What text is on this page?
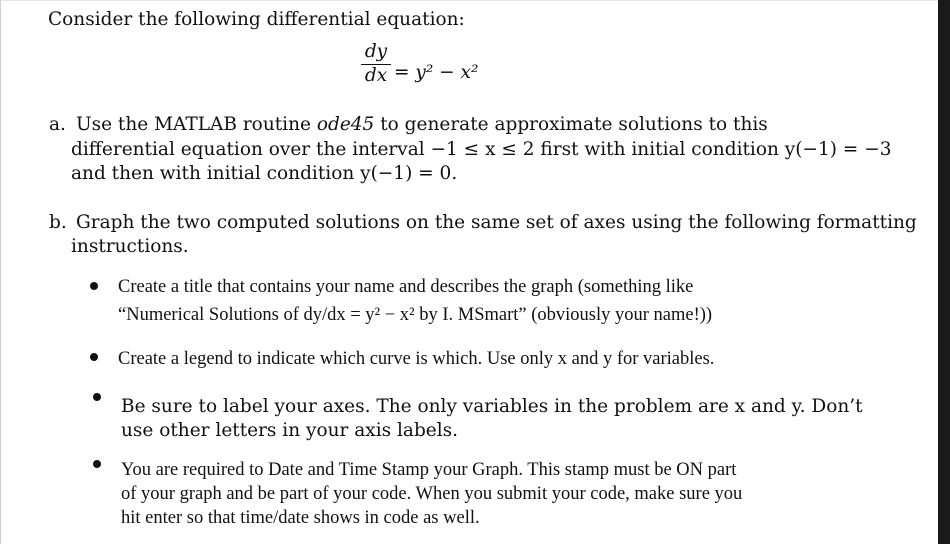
Consider the following differential equation:
dy
dx = y² − x²
a. Use the MATLAB routine ode45 to generate approximate solutions to this
differential equation over the interval −1 ≤ x ≤ 2 first with initial condition y(−1) = −3
and then with initial condition y(−1) = 0.
b. Graph the two computed solutions on the same set of axes using the following formatting
instructions.
Create a title that contains your name and describes the graph (something like
“Numerical Solutions of dy/dx = y² − x² by I. MSmart” (obviously your name!))
Create a legend to indicate which curve is which. Use only x and y for variables.
Be sure to label your axes. The only variables in the problem are x and y. Don’t
use other letters in your axis labels.
You are required to Date and Time Stamp your Graph. This stamp must be ON part
of your graph and be part of your code. When you submit your code, make sure you
hit enter so that time/date shows in code as well.
